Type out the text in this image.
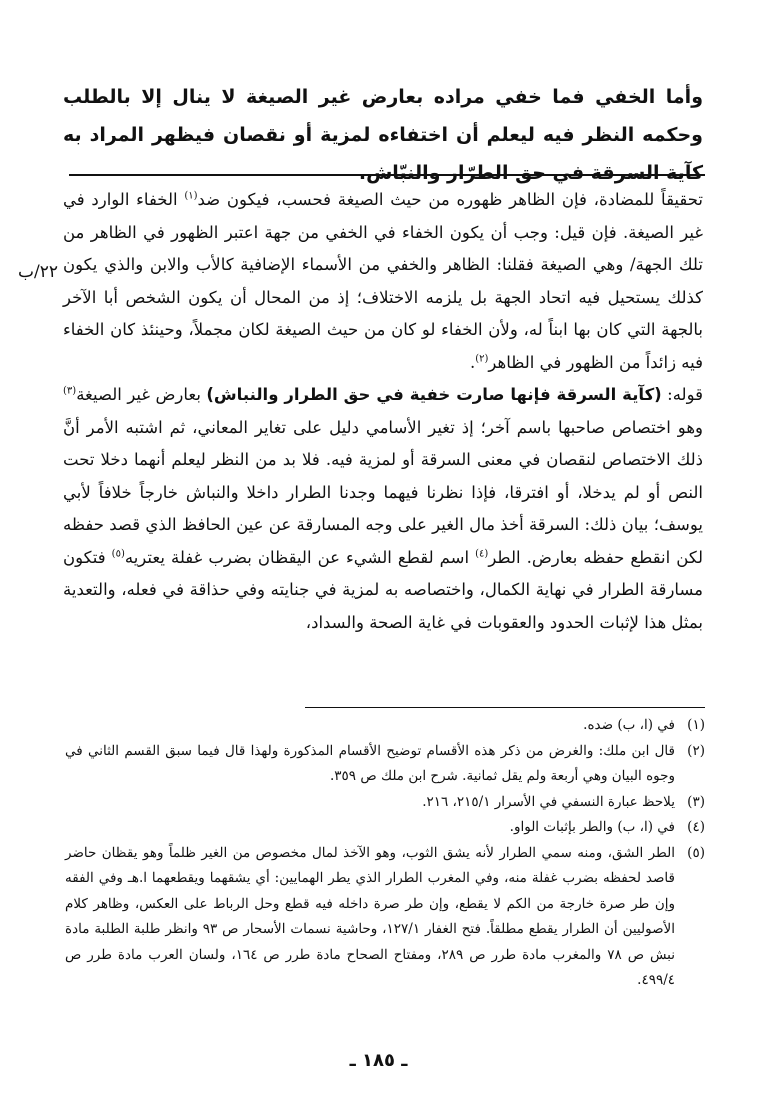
وأما الخفي فما خفي مراده بعارض غير الصيغة لا ينال إلا بالطلب وحكمه النظر فيه ليعلم أن اختفاءه لمزية أو نقصان فيظهر المراد به كآية السرقة في حق الطرّار والنبّاش.
٢٢/ب

تحقيقاً للمضادة، فإن الظاهر ظهوره من حيث الصيغة فحسب، فيكون ضد$^{(١)}$ الخفاء الوارد في غير الصيغة. فإن قيل: وجب أن يكون الخفاء في الخفي من جهة اعتبر الظهور في الظاهر من تلك الجهة/ وهي الصيغة فقلنا: الظاهر والخفي من الأسماء الإضافية كالأب والابن والذي يكون كذلك يستحيل فيه اتحاد الجهة بل يلزمه الاختلاف؛ إذ من المحال أن يكون الشخص أبا الآخر بالجهة التي كان بها ابناً له، ولأن الخفاء لو كان من حيث الصيغة لكان مجملاً، وحينئذ كان الخفاء فيه زائداً من الظهور في الظاهر$^{(٢)}$.

قوله: (كآية السرقة فإنها صارت خفية في حق الطرار والنباش) بعارض غير الصيغة$^{(٣)}$ وهو اختصاص صاحبها باسم آخر؛ إذ تغير الأسامي دليل على تغاير المعاني، ثم اشتبه الأمر أنَّ ذلك الاختصاص لنقصان في معنى السرقة أو لمزية فيه. فلا بد من النظر ليعلم أنهما دخلا تحت النص أو لم يدخلا، أو افترقا، فإذا نظرنا فيهما وجدنا الطرار داخلا والنباش خارجاً خلافاً لأبي يوسف؛ بيان ذلك: السرقة أخذ مال الغير على وجه المسارقة عن عين الحافظ الذي قصد حفظه لكن انقطع حفظه بعارض. الطر$^{(٤)}$ اسم لقطع الشيء عن اليقظان بضرب غفلة يعتريه$^{(٥)}$ فتكون مسارقة الطرار في نهاية الكمال، واختصاصه به لمزية في جنايته وفي حذاقة في فعله، والتعدية بمثل هذا لإثبات الحدود والعقوبات في غاية الصحة والسداد،

(١)
في (ا، ب) ضده.
(٢)
قال ابن ملك: والغرض من ذكر هذه الأقسام توضيح الأقسام المذكورة ولهذا قال فيما سبق القسم الثاني في وجوه البيان وهي أربعة ولم يقل ثمانية. شرح ابن ملك ص ٣٥٩.
(٣)
يلاحظ عبارة النسفي في الأسرار ٢١٥/١، ٢١٦.
(٤)
في (ا، ب) والطر بإثبات الواو.
(٥)
الطر الشق، ومنه سمي الطرار لأنه يشق الثوب، وهو الآخذ لمال مخصوص من الغير ظلماً وهو يقظان حاضر قاصد لحفظه بضرب غفلة منه، وفي المغرب الطرار الذي يطر الهمايين: أي يشقهما ويقطعهما ا.هـ وفي الفقه وإن طر صرة خارجة من الكم لا يقطع، وإن طر صرة داخله فيه قطع وحل الرباط على العكس، وظاهر كلام الأصوليين أن الطرار يقطع مطلقاً. فتح الغفار ١٢٧/١، وحاشية نسمات الأسحار ص ٩٣ وانظر طلبة الطلبة مادة نبش ص ٧٨ والمغرب مادة طرر ص ٢٨٩، ومفتاح الصحاح مادة طرر ص ١٦٤، ولسان العرب مادة طرر ص ٤٩٩/٤.
ـ ١٨٥ ـ
